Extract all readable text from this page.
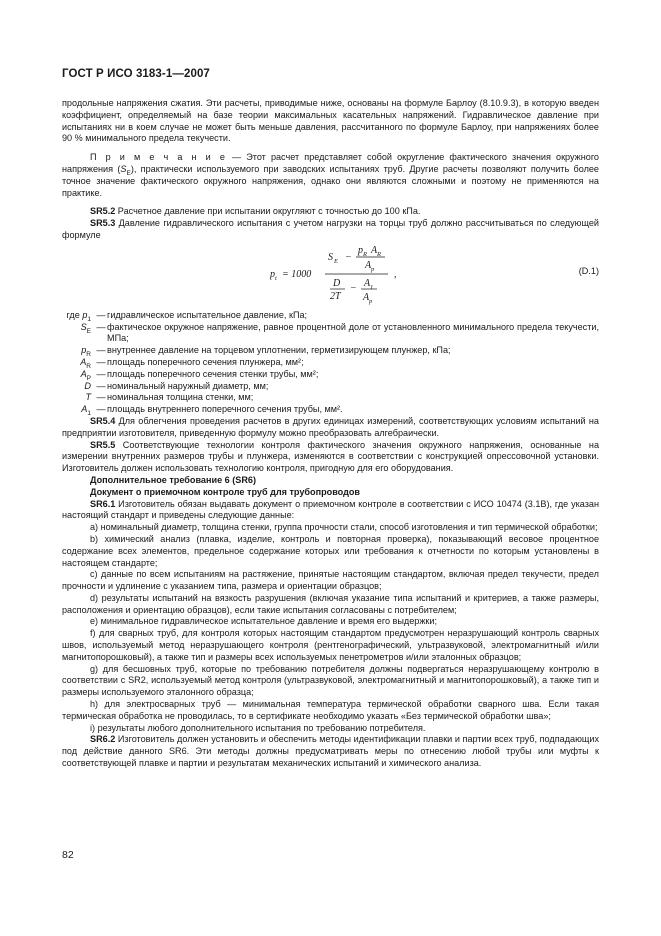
ГОСТ Р ИСО 3183-1—2007

продольные напряжения сжатия. Эти расчеты, приводимые ниже, основаны на формуле Барлоу (8.10.9.3), в которую введен коэффициент, определяемый на базе теории максимальных касательных напряжений. Гидравлическое давление при испытаниях ни в коем случае не может быть меньше давления, рассчитанного по формуле Барлоу, при напряжениях более 90 % минимального предела текучести.

П р и м е ч а н и е — Этот расчет представляет собой округление фактического значения окружного напряжения $(S_E)$, практически используемого при заводских испытаниях труб. Другие расчеты позволяют получить более точное значение фактического окружного напряжения, однако они являются сложными и поэтому не применяются на практике.

SR5.2 Расчетное давление при испытании округляют с точностью до 100 кПа.

SR5.3 Давление гидравлического испытания с учетом нагрузки на торцы труб должно рассчитываться по следующей формуле

p t = 1000
S E −
p R A R
A p
D
2T
− A 1
A p
,	(D.1)
где $p_1$ — гидравлическое испытательное давление, кПа;
$S_E$ — фактическое окружное напряжение, равное процентной доле от установленного минимального предела текучести, МПа;
$p_R$ — внутреннее давление на торцевом уплотнении, герметизирующем плунжер, кПа;
$A_R$ — площадь поперечного сечения плунжера, мм²;
$A_P$ — площадь поперечного сечения стенки трубы, мм²;
D — номинальный наружный диаметр, мм;
T — номинальная толщина стенки, мм;
$A_1$ — площадь внутреннего поперечного сечения трубы, мм².

SR5.4 Для облегчения проведения расчетов в других единицах измерений, соответствующих условиям испытаний на предприятии изготовителя, приведенную формулу можно преобразовать алгебраически.

SR5.5 Соответствующие технологии контроля фактического значения окружного напряжения, основанные на измерении внутренних размеров трубы и плунжера, изменяются в соответствии с конструкцией опрессовочной установки. Изготовитель должен использовать технологию контроля, пригодную для его оборудования.

Дополнительное требование 6 (SR6)

Документ о приемочном контроле труб для трубопроводов

SR6.1 Изготовитель обязан выдавать документ о приемочном контроле в соответствии с ИСО 10474 (3.1B), где указан настоящий стандарт и приведены следующие данные:

a) номинальный диаметр, толщина стенки, группа прочности стали, способ изготовления и тип термической обработки;

b) химический анализ (плавка, изделие, контроль и повторная проверка), показывающий весовое процентное содержание всех элементов, предельное содержание которых или требования к отчетности по которым установлены в настоящем стандарте;

c) данные по всем испытаниям на растяжение, принятые настоящим стандартом, включая предел текучести, предел прочности и удлинение с указанием типа, размера и ориентации образцов;

d) результаты испытаний на вязкость разрушения (включая указание типа испытаний и критериев, а также размеры, расположения и ориентацию образцов), если такие испытания согласованы с потребителем;

e) минимальное гидравлическое испытательное давление и время его выдержки;

f) для сварных труб, для контроля которых настоящим стандартом предусмотрен неразрушающий контроль сварных швов, используемый метод неразрушающего контроля (рентгенографический, ультразвуковой, электромагнитный и/или магнитопорошковый), а также тип и размеры всех используемых пенетрометров и/или эталонных образцов;

g) для бесшовных труб, которые по требованию потребителя должны подвергаться неразрушающему контролю в соответствии с SR2, используемый метод контроля (ультразвуковой, электромагнитный и магнитопорошковый), а также тип и размеры используемого эталонного образца;

h) для электросварных труб — минимальная температура термической обработки сварного шва. Если такая термическая обработка не проводилась, то в сертификате необходимо указать «Без термической обработки шва»;

i) результаты любого дополнительного испытания по требованию потребителя.

SR6.2 Изготовитель должен установить и обеспечить методы идентификации плавки и партии всех труб, подпадающих под действие данного SR6. Эти методы должны предусматривать меры по отнесению любой трубы или муфты к соответствующей плавке и партии и результатам механических испытаний и химического анализа.

82
